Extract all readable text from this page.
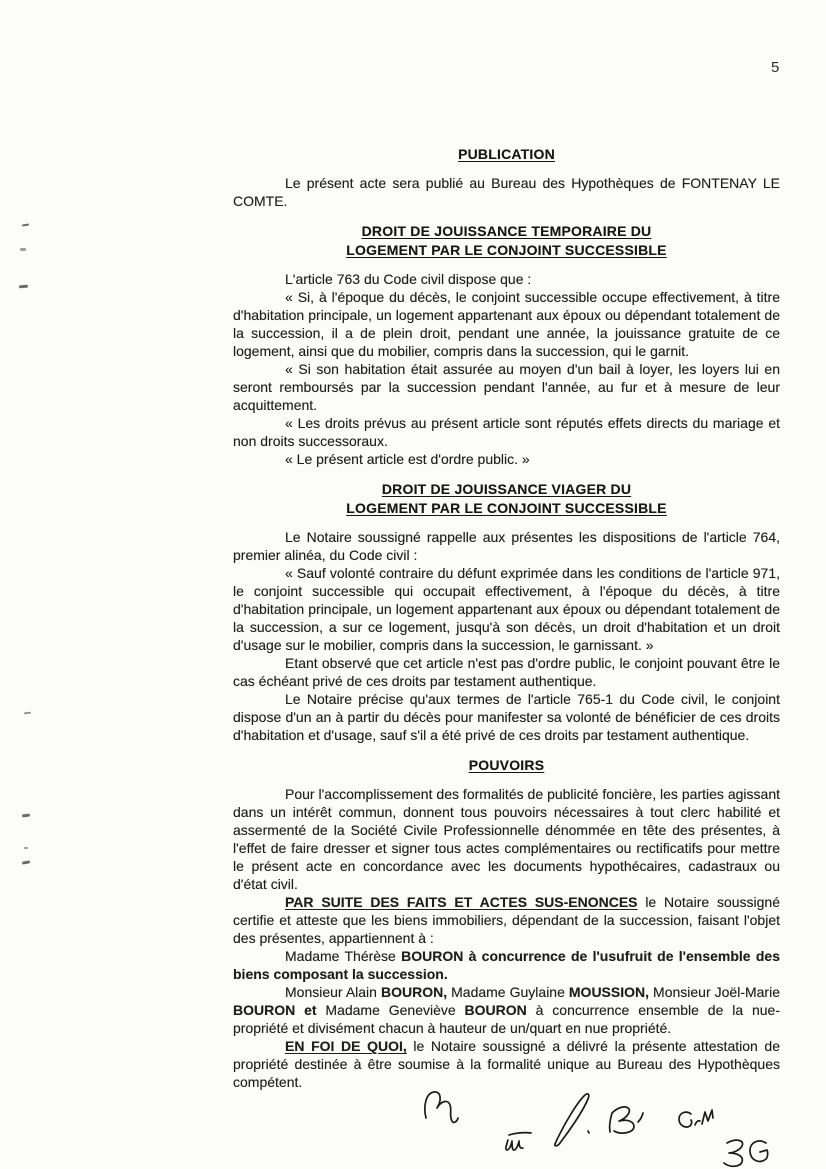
5
PUBLICATION

Le présent acte sera publié au Bureau des Hypothèques de FONTENAY LE COMTE.

DROIT DE JOUISSANCE TEMPORAIRE DU
LOGEMENT PAR LE CONJOINT SUCCESSIBLE

L'article 763 du Code civil dispose que :

« Si, à l'époque du décès, le conjoint successible occupe effectivement, à titre d'habitation principale, un logement appartenant aux époux ou dépendant totalement de la succession, il a de plein droit, pendant une année, la jouissance gratuite de ce logement, ainsi que du mobilier, compris dans la succession, qui le garnit.

« Si son habitation était assurée au moyen d'un bail à loyer, les loyers lui en seront remboursés par la succession pendant l'année, au fur et à mesure de leur acquittement.

« Les droits prévus au présent article sont réputés effets directs du mariage et non droits successoraux.

« Le présent article est d'ordre public. »

DROIT DE JOUISSANCE VIAGER DU
LOGEMENT PAR LE CONJOINT SUCCESSIBLE

Le Notaire soussigné rappelle aux présentes les dispositions de l'article 764, premier alinéa, du Code civil :

« Sauf volonté contraire du défunt exprimée dans les conditions de l'article 971, le conjoint successible qui occupait effectivement, à l'époque du décès, à titre d'habitation principale, un logement appartenant aux époux ou dépendant totalement de la succession, a sur ce logement, jusqu'à son décès, un droit d'habitation et un droit d'usage sur le mobilier, compris dans la succession, le garnissant. »

Etant observé que cet article n'est pas d'ordre public, le conjoint pouvant être le cas échéant privé de ces droits par testament authentique.

Le Notaire précise qu'aux termes de l'article 765-1 du Code civil, le conjoint dispose d'un an à partir du décès pour manifester sa volonté de bénéficier de ces droits d'habitation et d'usage, sauf s'il a été privé de ces droits par testament authentique.

POUVOIRS

Pour l'accomplissement des formalités de publicité foncière, les parties agissant dans un intérêt commun, donnent tous pouvoirs nécessaires à tout clerc habilité et assermenté de la Société Civile Professionnelle dénommée en tête des présentes, à l'effet de faire dresser et signer tous actes complémentaires ou rectificatifs pour mettre le présent acte en concordance avec les documents hypothécaires, cadastraux ou d'état civil.

PAR SUITE DES FAITS ET ACTES SUS-ENONCES le Notaire soussigné certifie et atteste que les biens immobiliers, dépendant de la succession, faisant l'objet des présentes, appartiennent à :

Madame Thérèse BOURON à concurrence de l'usufruit de l'ensemble des biens composant la succession.

Monsieur Alain BOURON, Madame Guylaine MOUSSION, Monsieur Joël-Marie BOURON et Madame Geneviève BOURON à concurrence ensemble de la nue-propriété et divisément chacun à hauteur de un/quart en nue propriété.

EN FOI DE QUOI, le Notaire soussigné a délivré la présente attestation de propriété destinée à être soumise à la formalité unique au Bureau des Hypothèques compétent.
